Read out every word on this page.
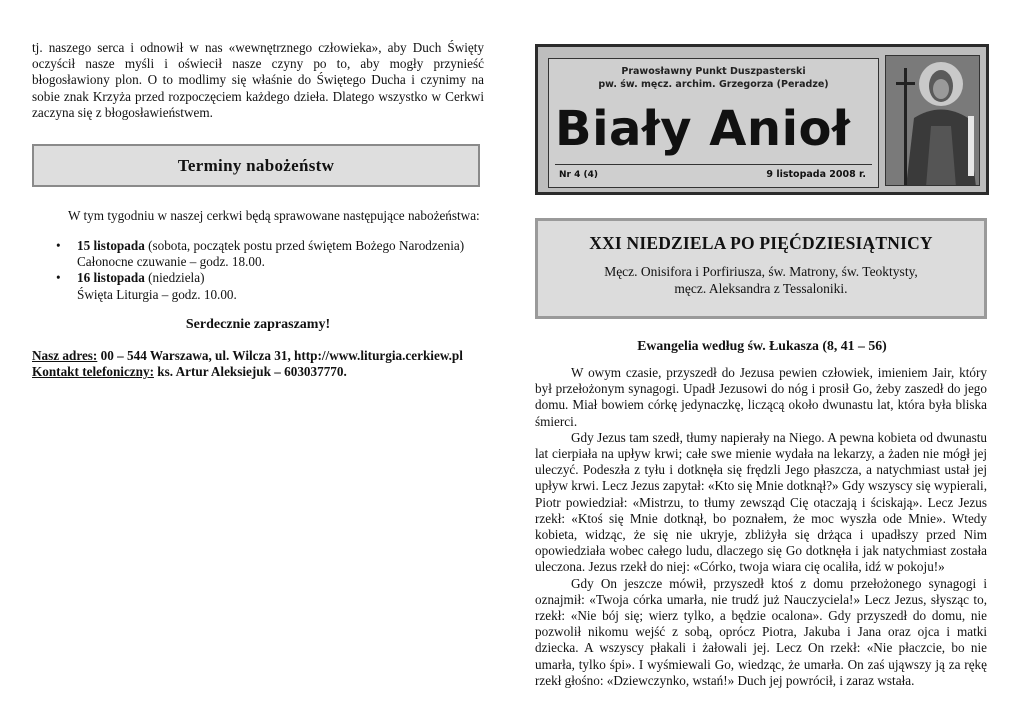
tj. naszego serca i odnowił w nas «wewnętrznego człowieka», aby Duch Święty oczyścił nasze myśli i oświecił nasze czyny po to, aby mogły przynieść błogosławiony plon. O to modlimy się właśnie do Świętego Ducha i czynimy na sobie znak Krzyża przed rozpoczęciem każdego dzieła. Dlatego wszystko w Cerkwi zaczyna się z błogosławieństwem.

Terminy nabożeństw

W tym tygodniu w naszej cerkwi będą sprawowane następujące nabożeństwa:

• 15 listopada (sobota, początek postu przed świętem Bożego Narodzenia)
Całonocne czuwanie – godz. 18.00.
• 16 listopada (niedziela)
Święta Liturgia – godz. 10.00.

Serdecznie zapraszamy!

Nasz adres: 00 – 544 Warszawa, ul. Wilcza 31, http://www.liturgia.cerkiew.pl
Kontakt telefoniczny: ks. Artur Aleksiejuk – 603037770.
Prawosławny Punkt Duszpasterski
pw. św. męcz. archim. Grzegorza (Peradze)
Biały Anioł
Nr 4 (4)	9 listopada 2008 r.
XXI NIEDZIELA PO PIĘĆDZIESIĄTNICY
Męcz. Onisifora i Porfiriusza, św. Matrony, św. Teoktysty,
męcz. Aleksandra z Tessaloniki.

Ewangelia według św. Łukasza (8, 41 – 56)

W owym czasie, przyszedł do Jezusa pewien człowiek, imieniem Jair, który był przełożonym synagogi. Upadł Jezusowi do nóg i prosił Go, żeby zaszedł do jego domu. Miał bowiem córkę jedynaczkę, liczącą około dwunastu lat, która była bliska śmierci.

Gdy Jezus tam szedł, tłumy napierały na Niego. A pewna kobieta od dwunastu lat cierpiała na upływ krwi; całe swe mienie wydała na lekarzy, a żaden nie mógł jej uleczyć. Podeszła z tyłu i dotknęła się frędzli Jego płaszcza, a natychmiast ustał jej upływ krwi. Lecz Jezus zapytał: «Kto się Mnie dotknął?» Gdy wszyscy się wypierali, Piotr powiedział: «Mistrzu, to tłumy zewsząd Cię otaczają i ściskają». Lecz Jezus rzekł: «Ktoś się Mnie dotknął, bo poznałem, że moc wyszła ode Mnie». Wtedy kobieta, widząc, że się nie ukryje, zbliżyła się drżąca i upadłszy przed Nim opowiedziała wobec całego ludu, dlaczego się Go dotknęła i jak natychmiast została uleczona. Jezus rzekł do niej: «Córko, twoja wiara cię ocaliła, idź w pokoju!»

Gdy On jeszcze mówił, przyszedł ktoś z domu przełożonego synagogi i oznajmił: «Twoja córka umarła, nie trudź już Nauczyciela!» Lecz Jezus, słysząc to, rzekł: «Nie bój się; wierz tylko, a będzie ocalona». Gdy przyszedł do domu, nie pozwolił nikomu wejść z sobą, oprócz Piotra, Jakuba i Jana oraz ojca i matki dziecka. A wszyscy płakali i żałowali jej. Lecz On rzekł: «Nie płaczcie, bo nie umarła, tylko śpi». I wyśmiewali Go, wiedząc, że umarła. On zaś ująwszy ją za rękę rzekł głośno: «Dziewczynko, wstań!» Duch jej powrócił, i zaraz wstała.
